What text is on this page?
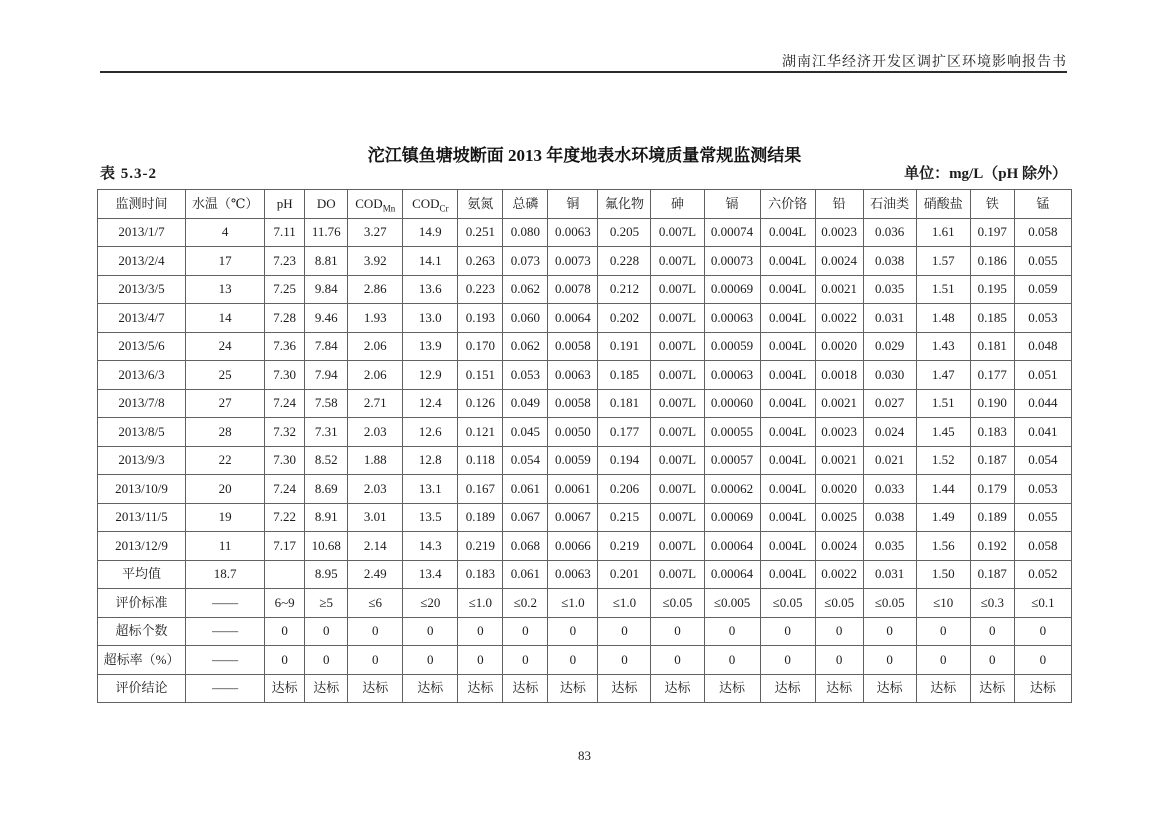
湖南江华经济开发区调扩区环境影响报告书
沱江镇鱼塘坡断面 2013 年度地表水环境质量常规监测结果
表 5.3-2	单位：mg/L（pH 除外）
监测时间	水温（℃）	pH	DO	$COD_{Mn}$	$COD_{Cr}$	氨氮	总磷	铜	氟化物	砷	镉	六价铬	铅	石油类	硝酸盐	铁	锰
2013/1/7	4	7.11	11.76	3.27	14.9	0.251	0.080	0.0063	0.205	0.007L	0.00074	0.004L	0.0023	0.036	1.61	0.197	0.058
2013/2/4	17	7.23	8.81	3.92	14.1	0.263	0.073	0.0073	0.228	0.007L	0.00073	0.004L	0.0024	0.038	1.57	0.186	0.055
2013/3/5	13	7.25	9.84	2.86	13.6	0.223	0.062	0.0078	0.212	0.007L	0.00069	0.004L	0.0021	0.035	1.51	0.195	0.059
2013/4/7	14	7.28	9.46	1.93	13.0	0.193	0.060	0.0064	0.202	0.007L	0.00063	0.004L	0.0022	0.031	1.48	0.185	0.053
2013/5/6	24	7.36	7.84	2.06	13.9	0.170	0.062	0.0058	0.191	0.007L	0.00059	0.004L	0.0020	0.029	1.43	0.181	0.048
2013/6/3	25	7.30	7.94	2.06	12.9	0.151	0.053	0.0063	0.185	0.007L	0.00063	0.004L	0.0018	0.030	1.47	0.177	0.051
2013/7/8	27	7.24	7.58	2.71	12.4	0.126	0.049	0.0058	0.181	0.007L	0.00060	0.004L	0.0021	0.027	1.51	0.190	0.044
2013/8/5	28	7.32	7.31	2.03	12.6	0.121	0.045	0.0050	0.177	0.007L	0.00055	0.004L	0.0023	0.024	1.45	0.183	0.041
2013/9/3	22	7.30	8.52	1.88	12.8	0.118	0.054	0.0059	0.194	0.007L	0.00057	0.004L	0.0021	0.021	1.52	0.187	0.054
2013/10/9	20	7.24	8.69	2.03	13.1	0.167	0.061	0.0061	0.206	0.007L	0.00062	0.004L	0.0020	0.033	1.44	0.179	0.053
2013/11/5	19	7.22	8.91	3.01	13.5	0.189	0.067	0.0067	0.215	0.007L	0.00069	0.004L	0.0025	0.038	1.49	0.189	0.055
2013/12/9	11	7.17	10.68	2.14	14.3	0.219	0.068	0.0066	0.219	0.007L	0.00064	0.004L	0.0024	0.035	1.56	0.192	0.058
平均值	18.7		8.95	2.49	13.4	0.183	0.061	0.0063	0.201	0.007L	0.00064	0.004L	0.0022	0.031	1.50	0.187	0.052
评价标准	——	6~9	≥5	≤6	≤20	≤1.0	≤0.2	≤1.0	≤1.0	≤0.05	≤0.005	≤0.05	≤0.05	≤0.05	≤10	≤0.3	≤0.1
超标个数	——	0	0	0	0	0	0	0	0	0	0	0	0	0	0	0	0
超标率（%）	——	0	0	0	0	0	0	0	0	0	0	0	0	0	0	0	0
评价结论	——	达标	达标	达标	达标	达标	达标	达标	达标	达标	达标	达标	达标	达标	达标	达标	达标
83
